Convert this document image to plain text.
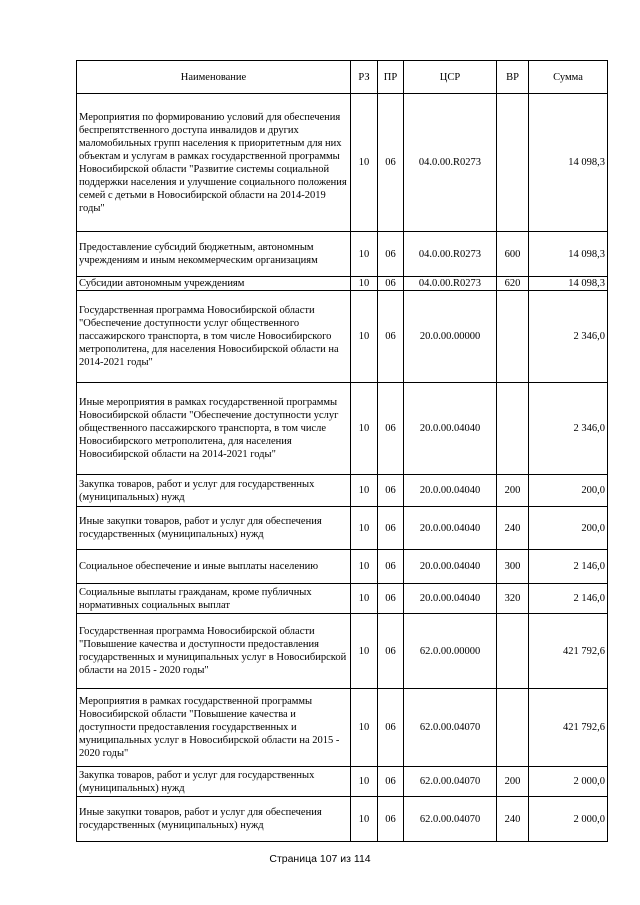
Наименование	РЗ	ПР	ЦСР	ВР	Сумма
Мероприятия по формированию условий для обеспечения беспрепятственного доступа инвалидов и других маломобильных групп населения к приоритетным для них объектам и услугам в рамках государственной программы Новосибирской области "Развитие системы социальной поддержки населения и улучшение социального положения семей с детьми в Новосибирской области на 2014-2019 годы"	10	06	04.0.00.R0273		14 098,3
Предоставление субсидий бюджетным, автономным учреждениям и иным некоммерческим организациям	10	06	04.0.00.R0273	600	14 098,3
Субсидии автономным учреждениям	10	06	04.0.00.R0273	620	14 098,3
Государственная программа Новосибирской области "Обеспечение доступности услуг общественного пассажирского транспорта, в том числе Новосибирского метрополитена, для населения Новосибирской области на 2014-2021 годы"	10	06	20.0.00.00000		2 346,0
Иные мероприятия в рамках государственной программы Новосибирской области "Обеспечение доступности услуг общественного пассажирского транспорта, в том числе Новосибирского метрополитена, для населения Новосибирской области на 2014-2021 годы"	10	06	20.0.00.04040		2 346,0
Закупка товаров, работ и услуг для государственных (муниципальных) нужд	10	06	20.0.00.04040	200	200,0
Иные закупки товаров, работ и услуг для обеспечения государственных (муниципальных) нужд	10	06	20.0.00.04040	240	200,0
Социальное обеспечение и иные выплаты населению	10	06	20.0.00.04040	300	2 146,0
Социальные выплаты гражданам, кроме публичных нормативных социальных выплат	10	06	20.0.00.04040	320	2 146,0
Государственная программа Новосибирской области "Повышение качества и доступности предоставления государственных и муниципальных услуг в Новосибирской области на 2015 - 2020 годы"	10	06	62.0.00.00000		421 792,6
Мероприятия в рамках государственной программы Новосибирской области "Повышение качества и доступности предоставления государственных и муниципальных услуг в Новосибирской области на 2015 - 2020 годы"	10	06	62.0.00.04070		421 792,6
Закупка товаров, работ и услуг для государственных (муниципальных) нужд	10	06	62.0.00.04070	200	2 000,0
Иные закупки товаров, работ и услуг для обеспечения государственных (муниципальных) нужд	10	06	62.0.00.04070	240	2 000,0
Страница 107 из 114
